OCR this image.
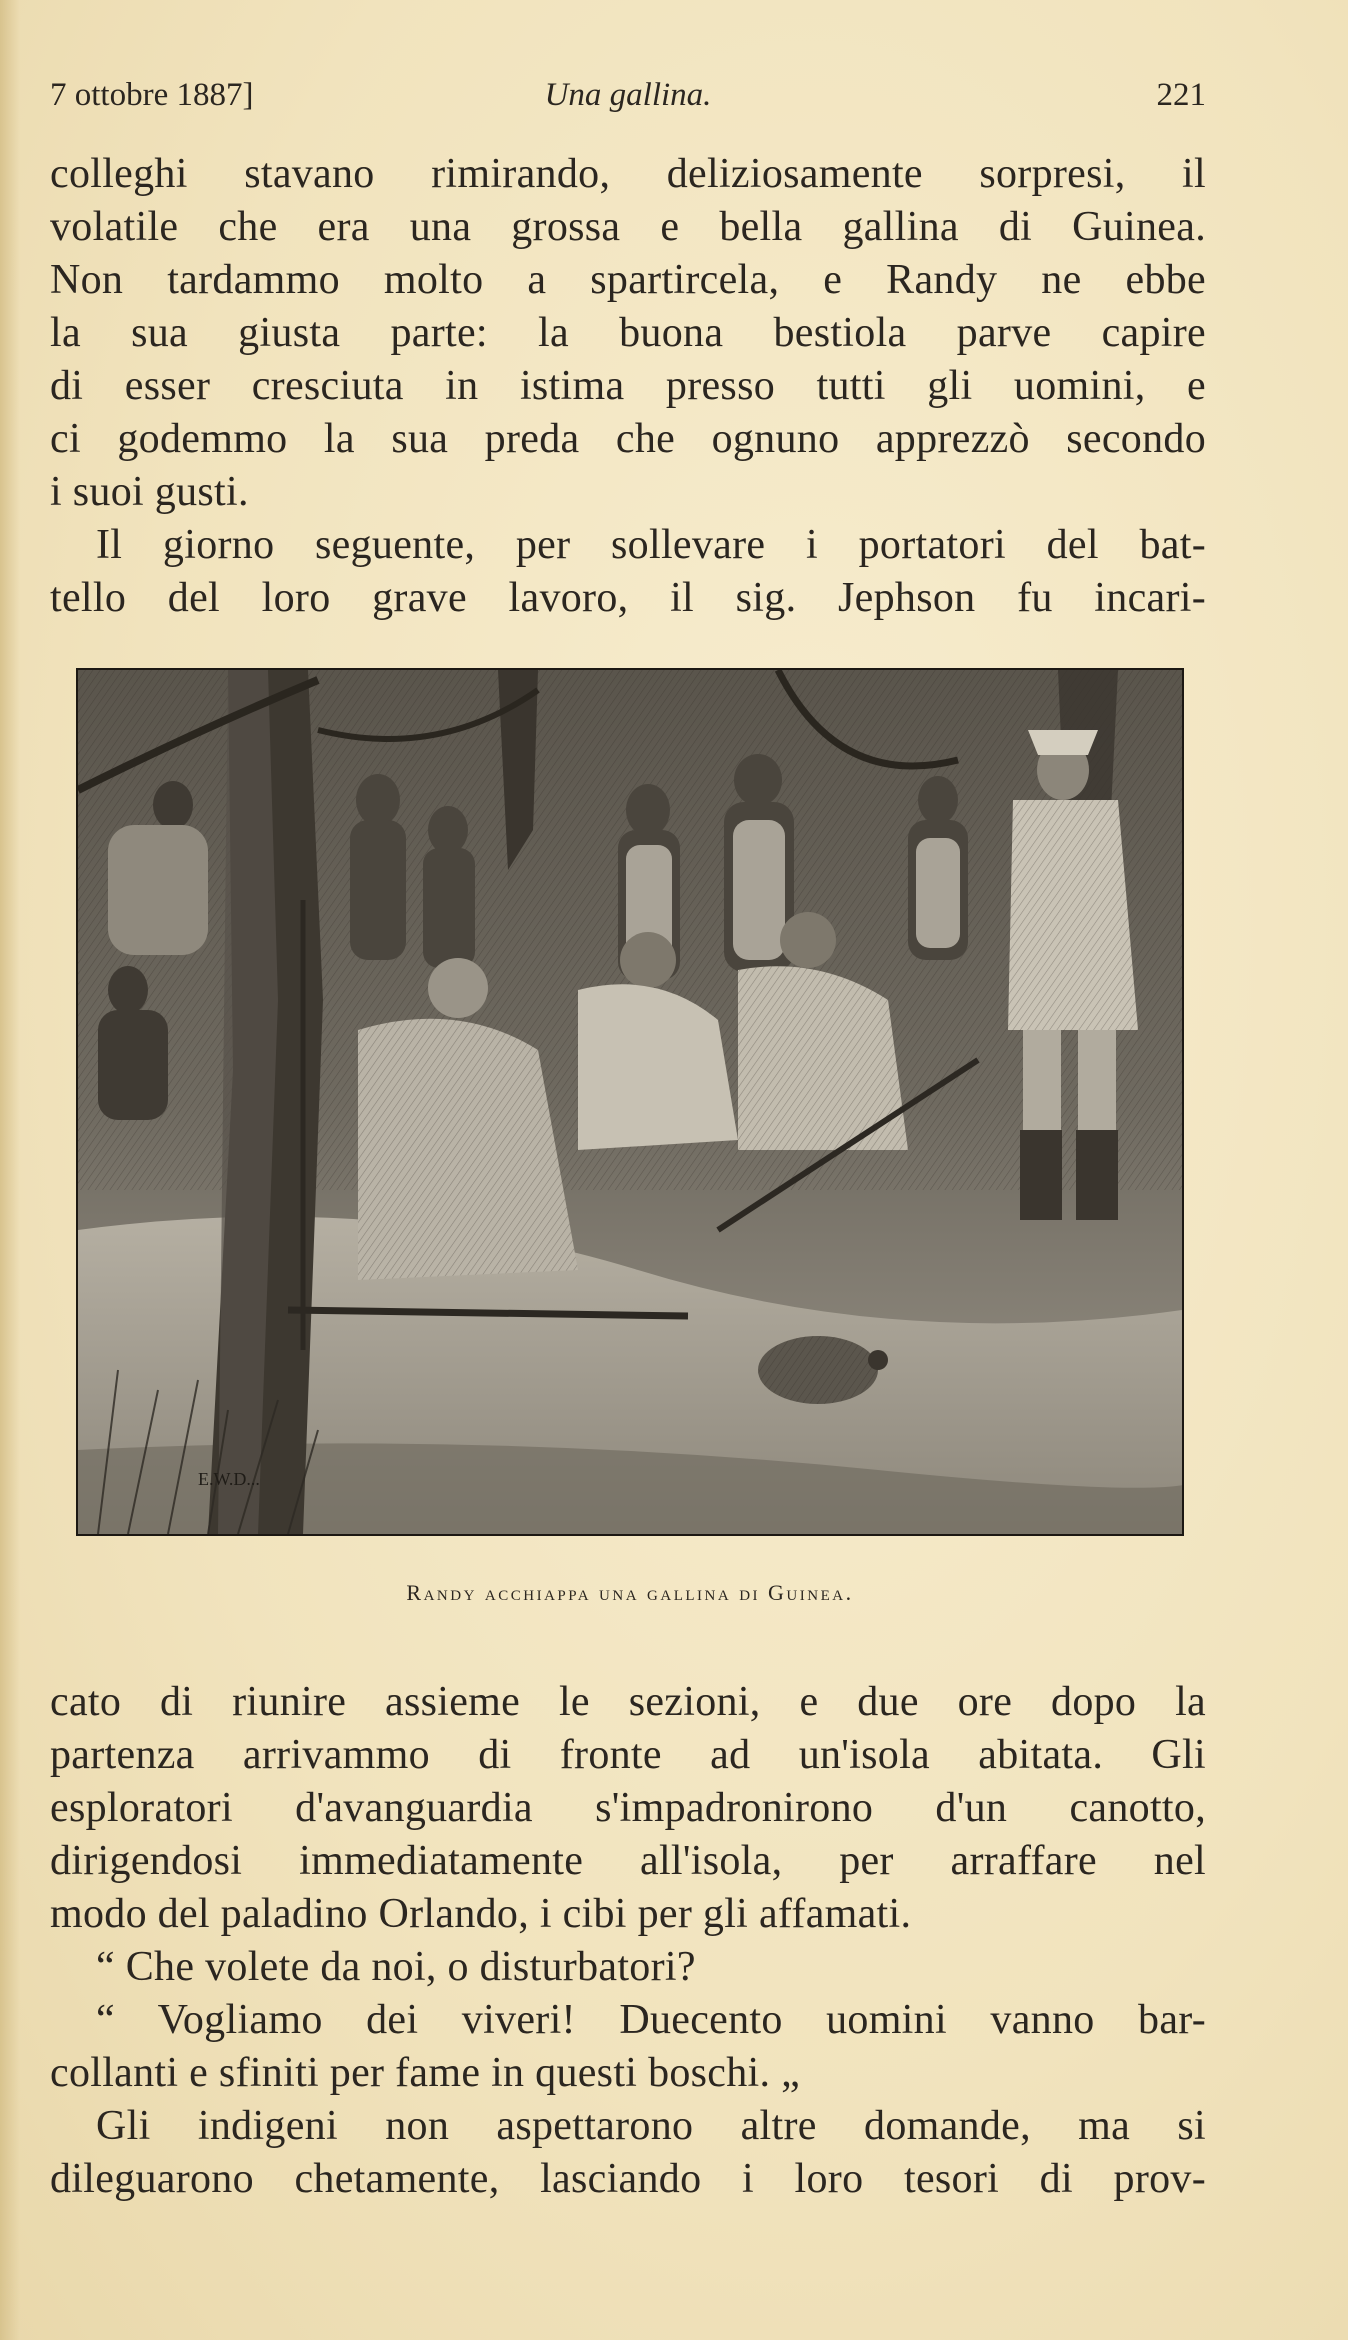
7 ottobre 1887]	Una gallina.	221
colleghi stavano rimirando, deliziosamente sorpresi, il
volatile che era una grossa e bella gallina di Guinea.
Non tardammo molto a spartircela, e Randy ne ebbe
la sua giusta parte: la buona bestiola parve capire
di esser cresciuta in istima presso tutti gli uomini, e
ci godemmo la sua preda che ognuno apprezzò secondo
i suoi gusti.
Il giorno seguente, per sollevare i portatori del bat-
tello del loro grave lavoro, il sig. Jephson fu incari-
E.W.D...
Randy acchiappa una gallina di Guinea.
cato di riunire assieme le sezioni, e due ore dopo la
partenza arrivammo di fronte ad un'isola abitata. Gli
esploratori d'avanguardia s'impadronirono d'un canotto,
dirigendosi immediatamente all'isola, per arraffare nel
modo del paladino Orlando, i cibi per gli affamati.
“ Che volete da noi, o disturbatori?
“ Vogliamo dei viveri! Duecento uomini vanno bar-
collanti e sfiniti per fame in questi boschi. „
Gli indigeni non aspettarono altre domande, ma si
dileguarono chetamente, lasciando i loro tesori di prov-
